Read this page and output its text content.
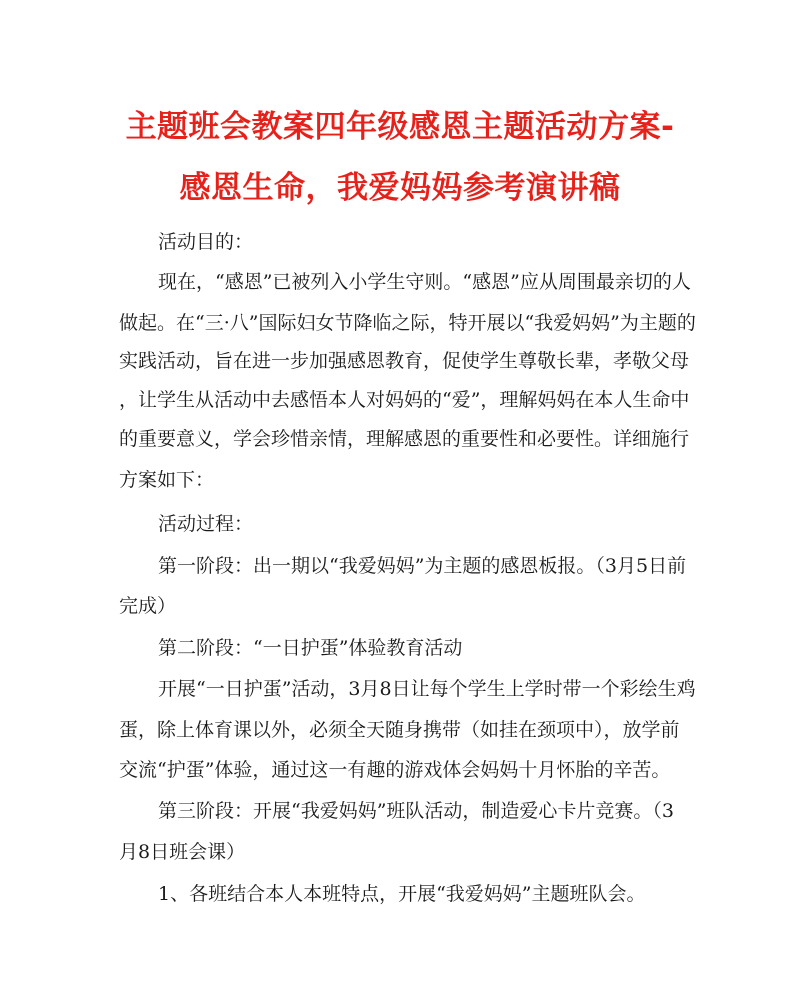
主题班会教案四年级感恩主题活动方案-
感恩生命，我爱妈妈参考演讲稿
活动目的：
现在，“感恩”已被列入小学生守则。“感恩”应从周围最亲切的人
做起。在“三·八”国际妇女节降临之际，特开展以“我爱妈妈”为主题的
实践活动，旨在进一步加强感恩教育，促使学生尊敬长辈，孝敬父母
，让学生从活动中去感悟本人对妈妈的“爱”，理解妈妈在本人生命中
的重要意义，学会珍惜亲情，理解感恩的重要性和必要性。详细施行
方案如下：
活动过程：
第一阶段：出一期以“我爱妈妈”为主题的感恩板报。（3月5日前
完成）
第二阶段：“一日护蛋”体验教育活动
开展“一日护蛋”活动，3月8日让每个学生上学时带一个彩绘生鸡
蛋，除上体育课以外，必须全天随身携带（如挂在颈项中），放学前
交流“护蛋”体验，通过这一有趣的游戏体会妈妈十月怀胎的辛苦。
第三阶段：开展“我爱妈妈”班队活动，制造爱心卡片竞赛。（3
月8日班会课）
1、各班结合本人本班特点，开展“我爱妈妈”主题班队会。
